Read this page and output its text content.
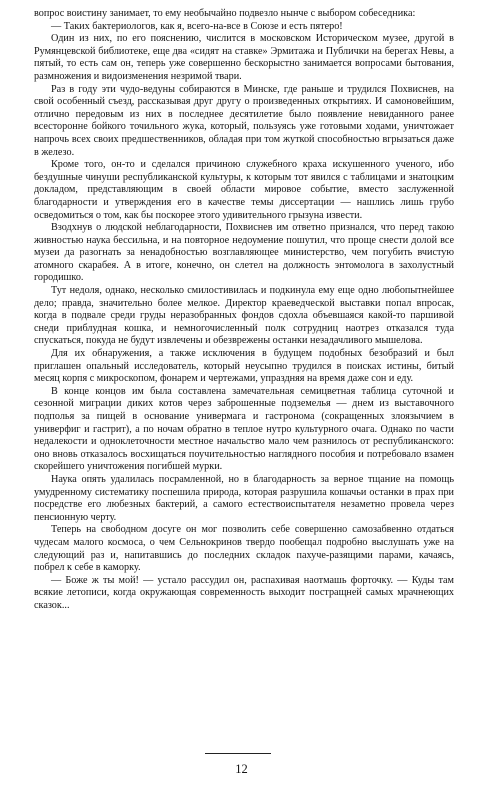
вопрос воистину занимает, то ему необычайно подвезло нынче с выбором собеседника:

— Таких бактериологов, как я, всего-на-все в Союзе и есть пятеро!

Один из них, по его пояснению, числится в московском Историческом музее, другой в Румянцевской библиотеке, еще два «сидят на ставке» Эрмитажа и Публички на берегах Невы, а пятый, то есть сам он, теперь уже совершенно бескорыстно занимается вопросами бытования, размножения и видоизменения незримой твари.

Раз в году эти чудо-ведуны собираются в Минске, где раньше и трудился Похвиснев, на свой особенный съезд, рассказывая друг другу о произведенных открытиях. И самоновейшим, отлично передовым из них в последнее десятилетие было появление невиданного ранее всесторонне бойкого точильного жука, который, пользуясь уже готовыми ходами, уничтожает напрочь всех своих предшественников, обладая при том жуткой способностью вгрызаться даже в железо.

Кроме того, он-то и сделался причиною служебного краха искушенного ученого, ибо бездушные чинуши республиканской культуры, к которым тот явился с таблицами и знатоцким докладом, представляющим в своей области мировое событие, вместо заслуженной благодарности и утверждения его в качестве темы диссертации — нашлись лишь грубо осведомиться о том, как бы поскорее этого удивительного грызуна извести.

Взодхнув о людской неблагодарности, Похвиснев им ответно признался, что перед такою живностью наука бессильна, и на повторное недоумение пошутил, что проще снести долой все музеи да разогнать за ненадобностью возглавляющее министерство, чем погубить вчистую атомного скарабея. А в итоге, конечно, он слетел на должность энтомолога в захолустный городишко.

Тут недоля, однако, несколько смилостивилась и подкинула ему еще одно любопытнейшее дело; правда, значительно более мелкое. Директор краеведческой выставки попал впросак, когда в подвале среди груды неразобранных фондов сдохла объевшаяся какой-то паршивой снеди приблудная кошка, и немногочисленный полк сотрудниц наотрез отказался туда спускаться, покуда не будут извлечены и обезврежены останки незадачливого мышелова.

Для их обнаружения, а также исключения в будущем подобных безобразий и был приглашен опальный исследователь, который неусыпно трудился в поисках истины, битый месяц корпя с микроскопом, фонарем и чертежами, упраздняя на время даже сон и еду.

В конце концов им была составлена замечательная семицветная таблица суточной и сезонной миграции диких котов через заброшенные подземелья — днем из выставочного подполья за пищей в основание универмага и гастронома (сокращенных злоязычием в универфиг и гастрит), а по ночам обратно в теплое нутро культурного очага. Однако по части недалекости и одноклеточности местное начальство мало чем разнилось от республиканского: оно вновь отказалось восхищаться поучительностью наглядного пособия и потребовало взамен скорейшего уничтожения погибшей мурки.

Наука опять удалилась посрамленной, но в благодарность за верное тщание на помощь умудренному систематику поспешила природа, которая разрушила кошачьи останки в прах при посредстве его любезных бактерий, а самого естествоиспытателя незаметно провела через пенсионную черту.

Теперь на свободном досуге он мог позволить себе совершенно самозабвенно отдаться чудесам малого космоса, о чем Сельнокринов твердо пообещал подробно выслушать уже на следующий раз и, напитавшись до последних складок пахуче-разящими парами, качаясь, побрел к себе в каморку.

— Боже ж ты мой! — устало рассудил он, распахивая наотмашь форточку. — Куды там всякие летописи, когда окружающая современность выходит постращней самых мрачнеющих сказок...

12
